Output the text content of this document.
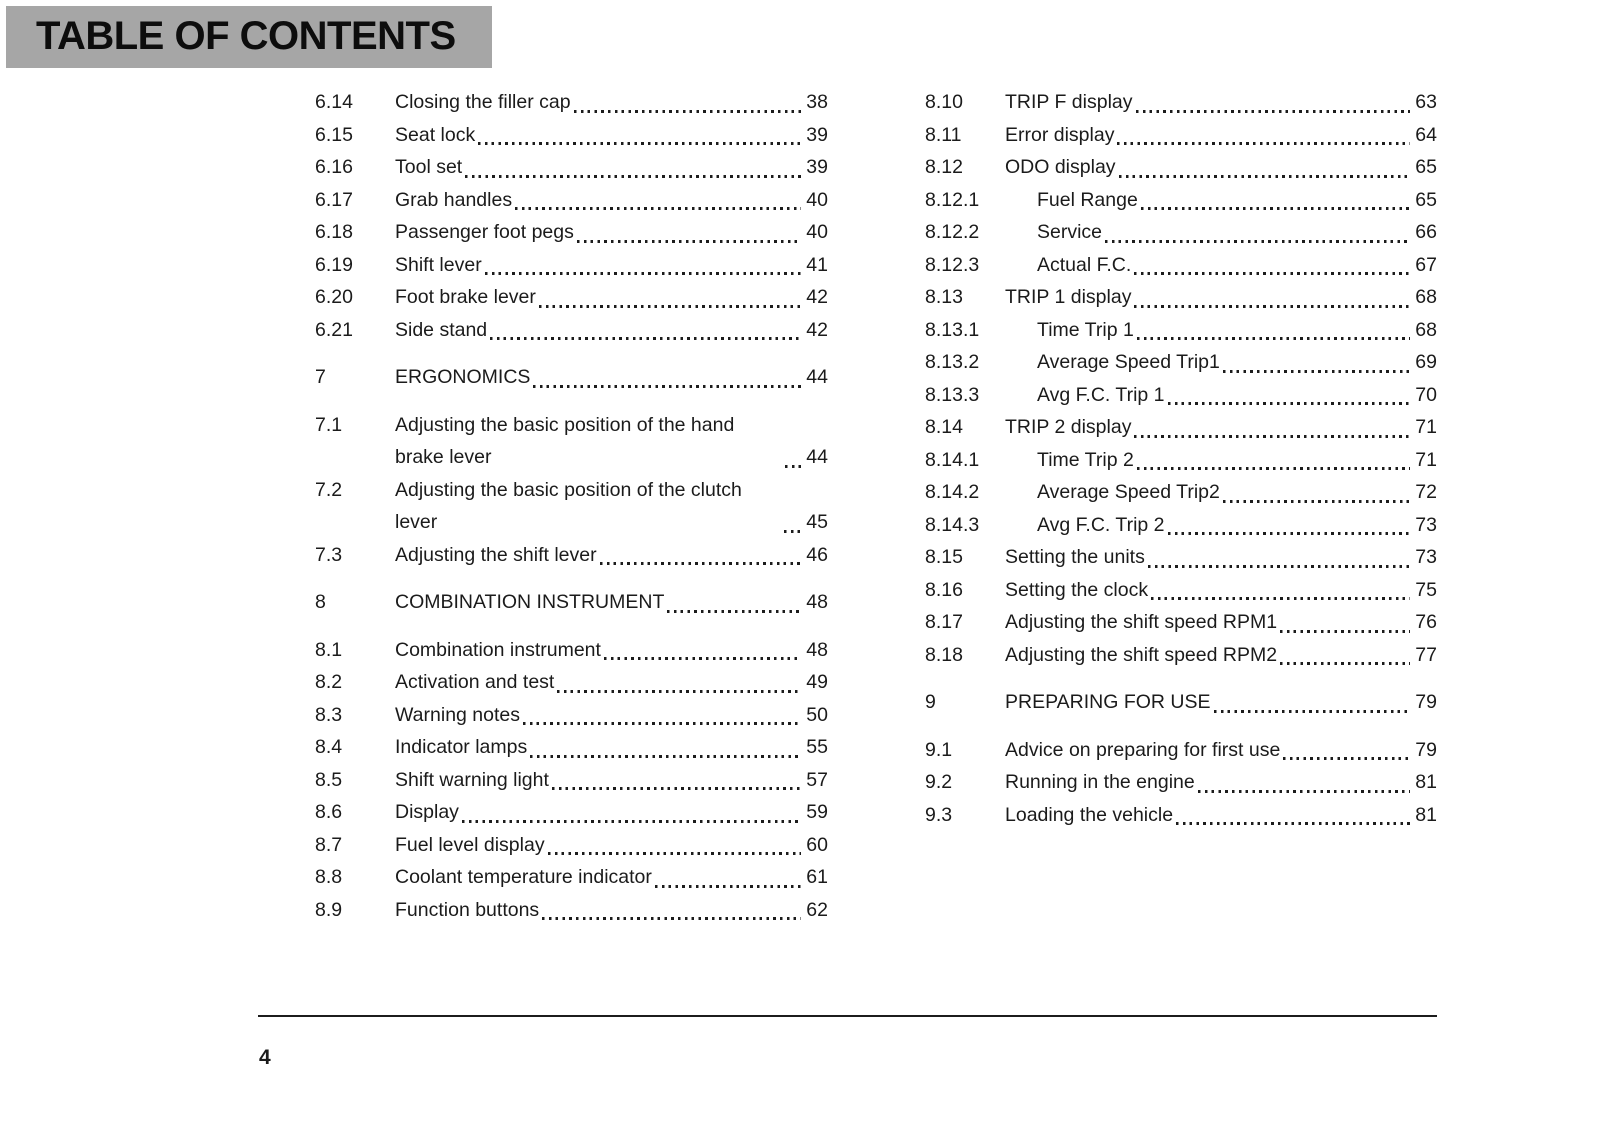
TABLE OF CONTENTS
6.14	Closing the filler cap	38
6.15	Seat lock	39
6.16	Tool set	39
6.17	Grab handles	40
6.18	Passenger foot pegs	40
6.19	Shift lever	41
6.20	Foot brake lever	42
6.21	Side stand	42
7	ERGONOMICS	44
7.1	Adjusting the basic position of the hand brake lever	44
7.2	Adjusting the basic position of the clutch lever	45
7.3	Adjusting the shift lever	46
8	COMBINATION INSTRUMENT	48
8.1	Combination instrument	48
8.2	Activation and test	49
8.3	Warning notes	50
8.4	Indicator lamps	55
8.5	Shift warning light	57
8.6	Display	59
8.7	Fuel level display	60
8.8	Coolant temperature indicator	61
8.9	Function buttons	62
8.10	TRIP F display	63
8.11	Error display	64
8.12	ODO display	65
8.12.1	Fuel Range	65
8.12.2	Service	66
8.12.3	Actual F.C.	67
8.13	TRIP 1 display	68
8.13.1	Time Trip 1	68
8.13.2	Average Speed Trip1	69
8.13.3	Avg F.C. Trip 1	70
8.14	TRIP 2 display	71
8.14.1	Time Trip 2	71
8.14.2	Average Speed Trip2	72
8.14.3	Avg F.C. Trip 2	73
8.15	Setting the units	73
8.16	Setting the clock	75
8.17	Adjusting the shift speed RPM1	76
8.18	Adjusting the shift speed RPM2	77
9	PREPARING FOR USE	79
9.1	Advice on preparing for first use	79
9.2	Running in the engine	81
9.3	Loading the vehicle	81
4
